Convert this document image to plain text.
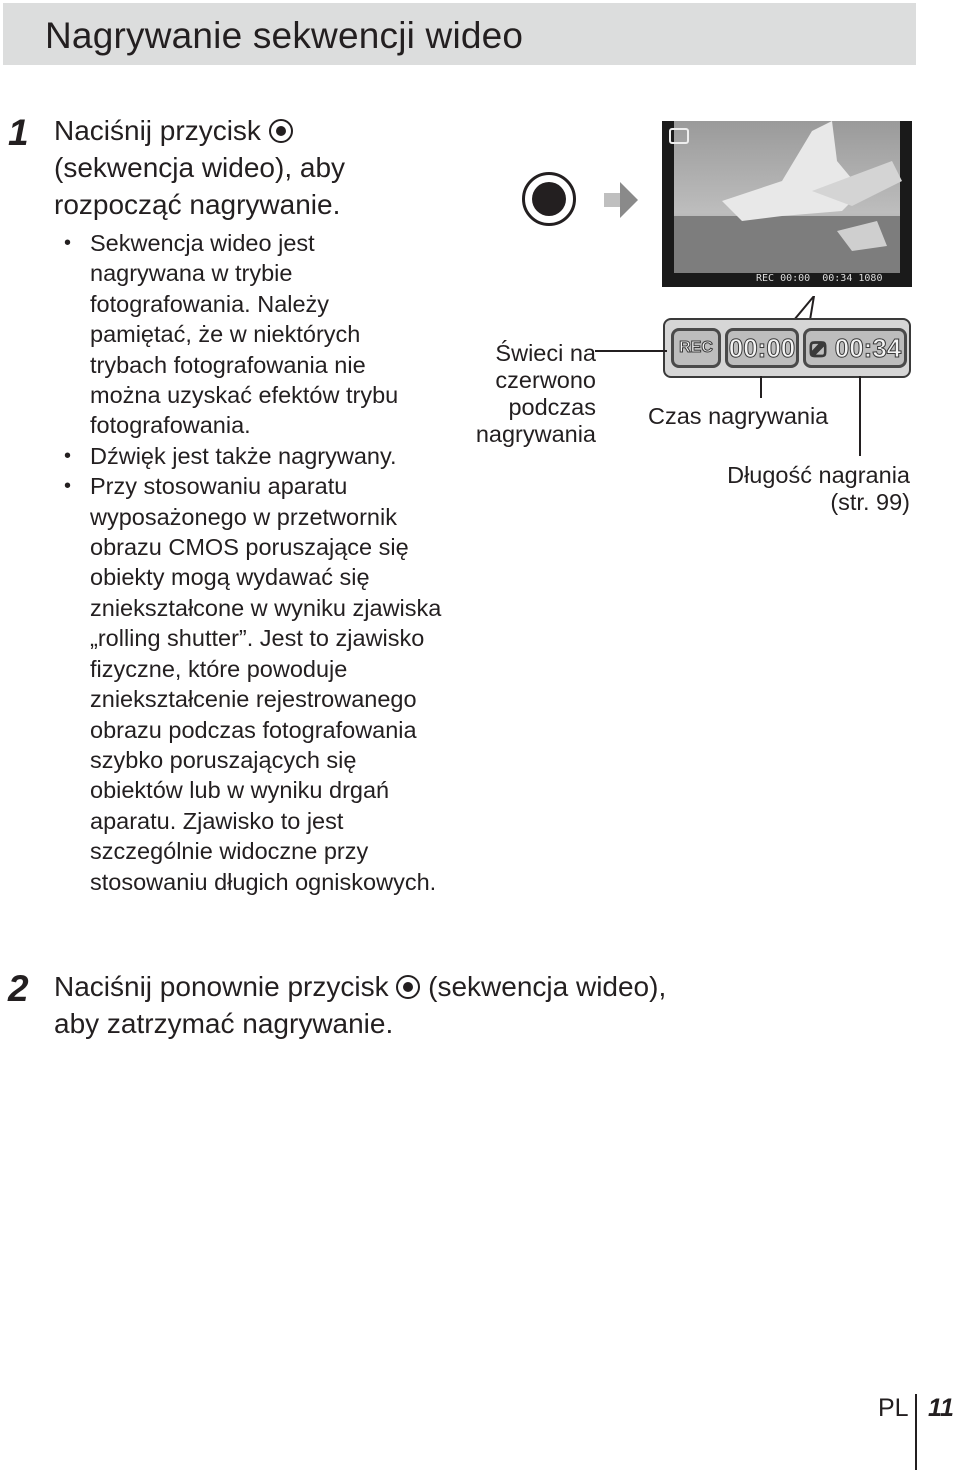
Nagrywanie sekwencji wideo
1 Naciśnij przycisk
(sekwencja wideo), aby
rozpocząć nagrywanie.

• Sekwencja wideo jest nagrywana w trybie fotografowania. Należy pamiętać, że w niektórych trybach fotografowania nie można uzyskać efektów trybu fotografowania.
• Dźwięk jest także nagrywany.
• Przy stosowaniu aparatu wyposażonego w przetwornik obrazu CMOS poruszające się obiekty mogą wydawać się zniekształcone w wyniku zjawiska „rolling shutter”. Jest to zjawisko fizyczne, które powoduje zniekształcenie rejestrowanego obrazu podczas fotografowania szybko poruszających się obiektów lub w wyniku drgań aparatu. Zjawisko to jest szczególnie widoczne przy stosowaniu długich ogniskowych.
REC 00:00 00:34 1080
REC 00:00 ⎚ 00:34

Świeci na
czerwono
podczas
nagrywania

Czas nagrywania

Długość nagrania
(str. 99)

2 Naciśnij ponownie przycisk (sekwencja wideo),
aby zatrzymać nagrywanie.

PL 11
